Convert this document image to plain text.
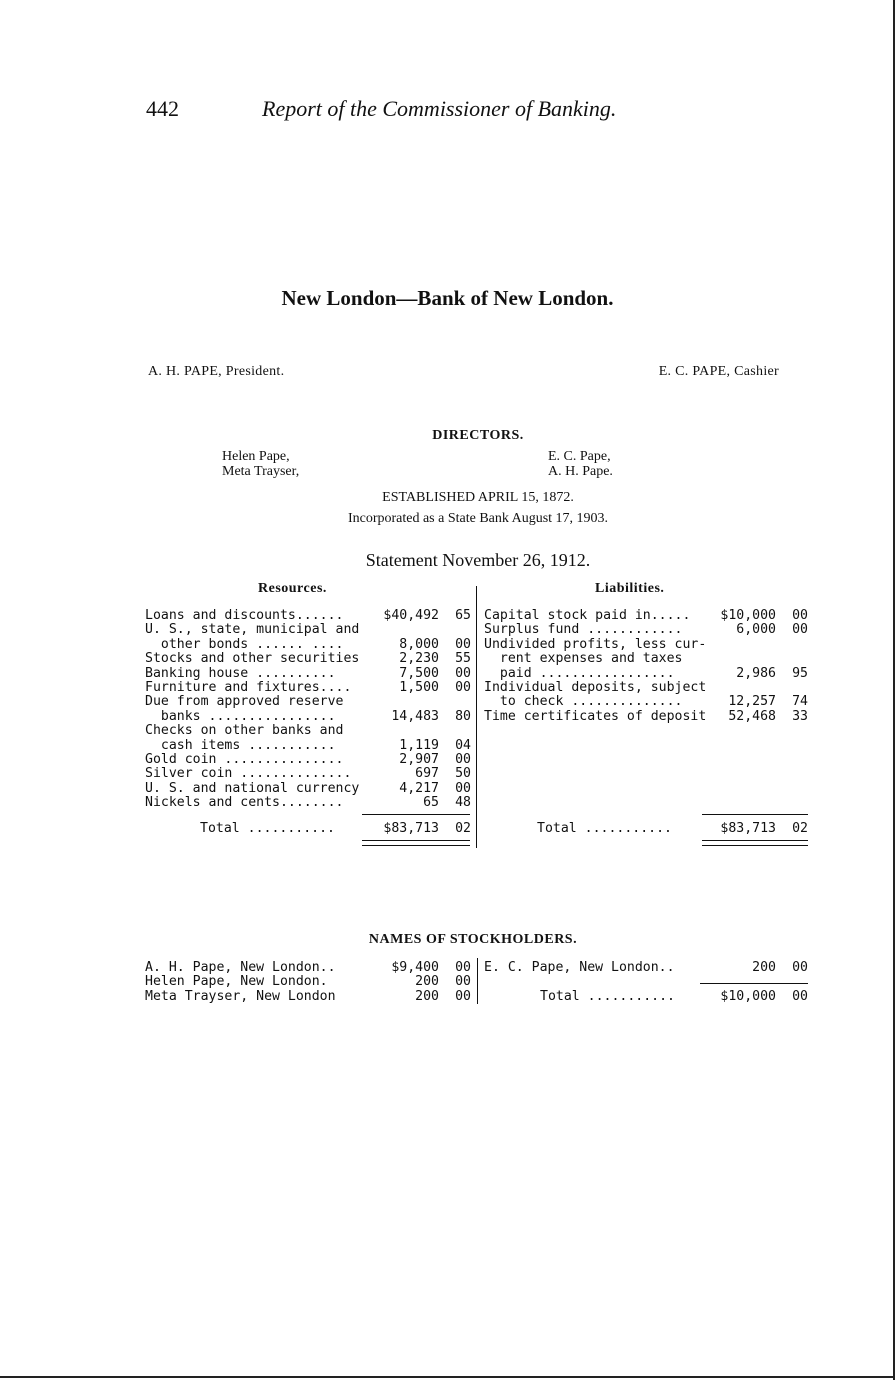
442	Report of the Commissioner of Banking.
New London—Bank of New London.
A. H. PAPE, President.	E. C. PAPE, Cashier
DIRECTORS.
Helen Pape,
Meta Trayser,
E. C. Pape,
A. H. Pape.
ESTABLISHED APRIL 15, 1872.
Incorporated as a State Bank August 17, 1903.
Statement November 26, 1912.
Resources.	Liabilities.
Loans and discounts......	$40,492 65
U. S., state, municipal and
other bonds ...... ....	8,000 00
Stocks and other securities	2,230 55
Banking house ..........	7,500 00
Furniture and fixtures....	1,500 00
Due from approved reserve
banks ................	14,483 80
Checks on other banks and
cash items ...........	1,119 04
Gold coin ...............	2,907 00
Silver coin ..............	697 50
U. S. and national currency	4,217 00
Nickels and cents........	65 48
Total ...........	$83,713 02
Capital stock paid in..... $10,000 00
Surplus fund ............	6,000 00
Undivided profits, less cur-
rent expenses and taxes
paid .................	2,986 95
Individual deposits, subject
to check ..............	12,257 74
Time certificates of deposit 52,468 33
Total ...........	$83,713 02
NAMES OF STOCKHOLDERS.
A. H. Pape, New London..	$9,400 00
Helen Pape, New London.	200 00
Meta Trayser, New London	200 00
E. C. Pape, New London..	200 00
Total ...........	$10,000 00
